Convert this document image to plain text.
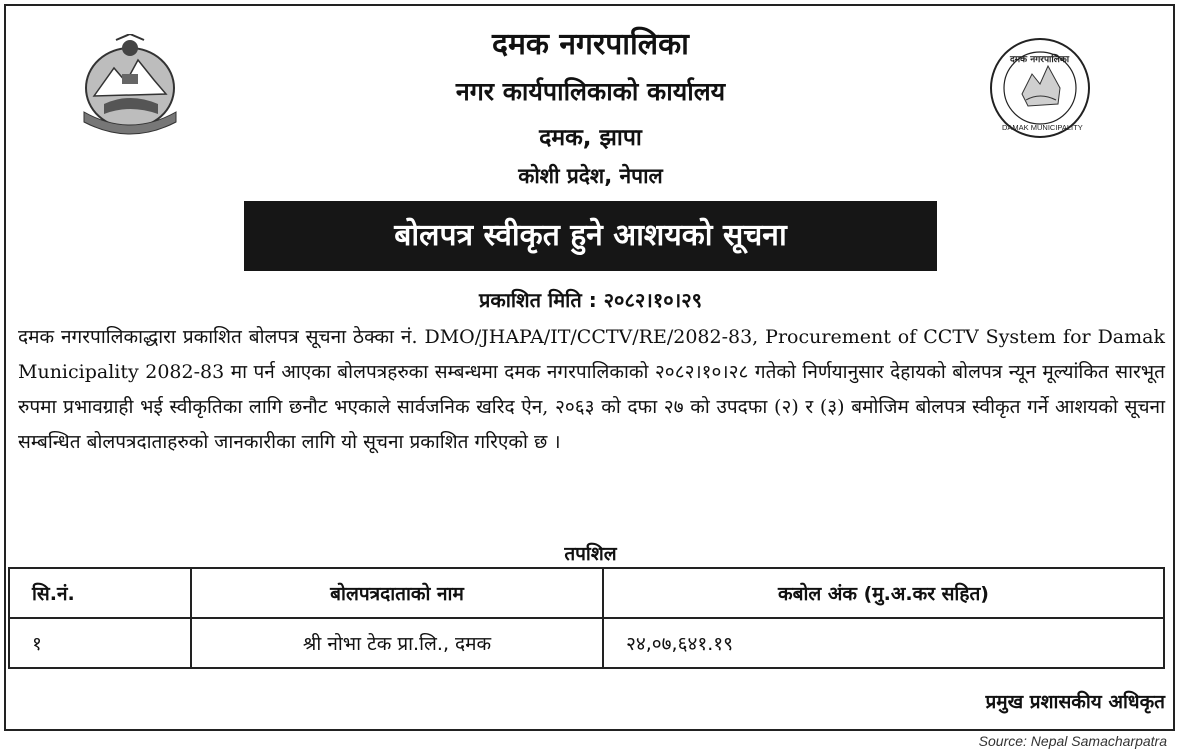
दमक नगरपालिका
DAMAK MUNICIPALITY
दमक नगरपालिका
नगर कार्यपालिकाको कार्यालय
दमक, झापा
कोशी प्रदेश, नेपाल
बोलपत्र स्वीकृत हुने आशयको सूचना
प्रकाशित मिति : २०८२।१०।२९
दमक नगरपालिकाद्धारा प्रकाशित बोलपत्र सूचना ठेक्का नं. DMO/JHAPA/IT/CCTV/RE/2082-83, Procurement of CCTV System for Damak Municipality 2082-83 मा पर्न आएका बोलपत्रहरुका सम्बन्धमा दमक नगरपालिकाको २०८२।१०।२८ गतेको निर्णयानुसार देहायको बोलपत्र न्यून मूल्यांकित सारभूत रुपमा प्रभावग्राही भई स्वीकृतिका लागि छनौट भएकाले सार्वजनिक खरिद ऐन, २०६३ को दफा २७ को उपदफा (२) र (३) बमोजिम बोलपत्र स्वीकृत गर्ने आशयको सूचना सम्बन्धित बोलपत्रदाताहरुको जानकारीका लागि यो सूचना प्रकाशित गरिएको छ ।
तपशिल
सि.नं.	बोलपत्रदाताको नाम	कबोल अंक (मु.अ.कर सहित)
१	श्री नोभा टेक प्रा.लि., दमक	२४,०७,६४१.१९
प्रमुख प्रशासकीय अधिकृत
Source: Nepal Samacharpatra
